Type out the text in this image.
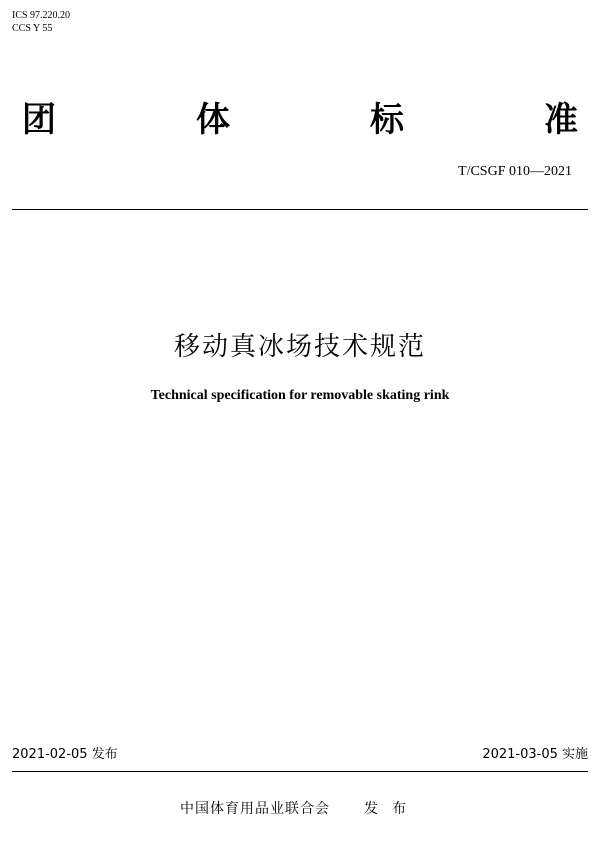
ICS 97.220.20
CCS Y 55
团	体	标	准
T/CSGF 010—2021
移动真冰场技术规范
Technical specification for removable skating rink
2021-02-05 发布	2021-03-05 实施
中国体育用品业联合会 发布
